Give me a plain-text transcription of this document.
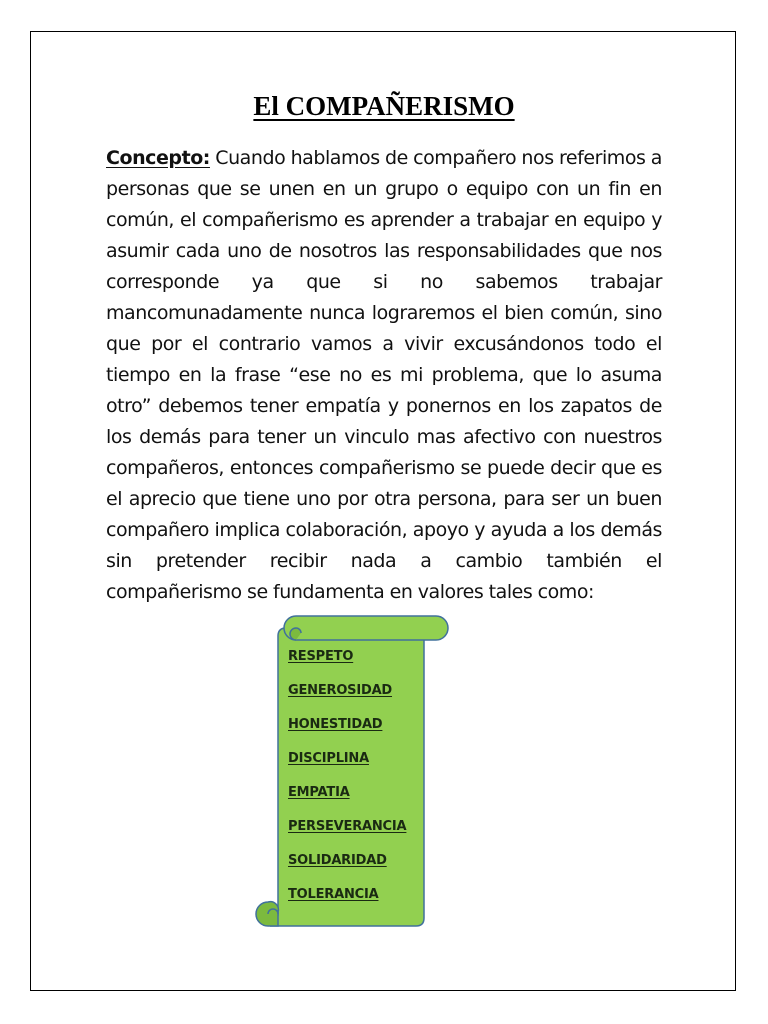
El COMPAÑERISMO

Concepto: Cuando hablamos de compañero nos referimos a personas que se unen en un grupo o equipo con un fin en común, el compañerismo es aprender a trabajar en equipo y asumir cada uno de nosotros las responsabilidades que nos corresponde ya que si no sabemos trabajar mancomunadamente nunca lograremos el bien común, sino que por el contrario vamos a vivir excusándonos todo el tiempo en la frase “ese no es mi problema, que lo asuma otro” debemos tener empatía y ponernos en los zapatos de los demás para tener un vinculo mas afectivo con nuestros compañeros, entonces compañerismo se puede decir que es el aprecio que tiene uno por otra persona, para ser un buen compañero implica colaboración, apoyo y ayuda a los demás sin pretender recibir nada a cambio también el compañerismo se fundamenta en valores tales como:

RESPETO
GENEROSIDAD
HONESTIDAD
DISCIPLINA
EMPATIA
PERSEVERANCIA
SOLIDARIDAD
TOLERANCIA
